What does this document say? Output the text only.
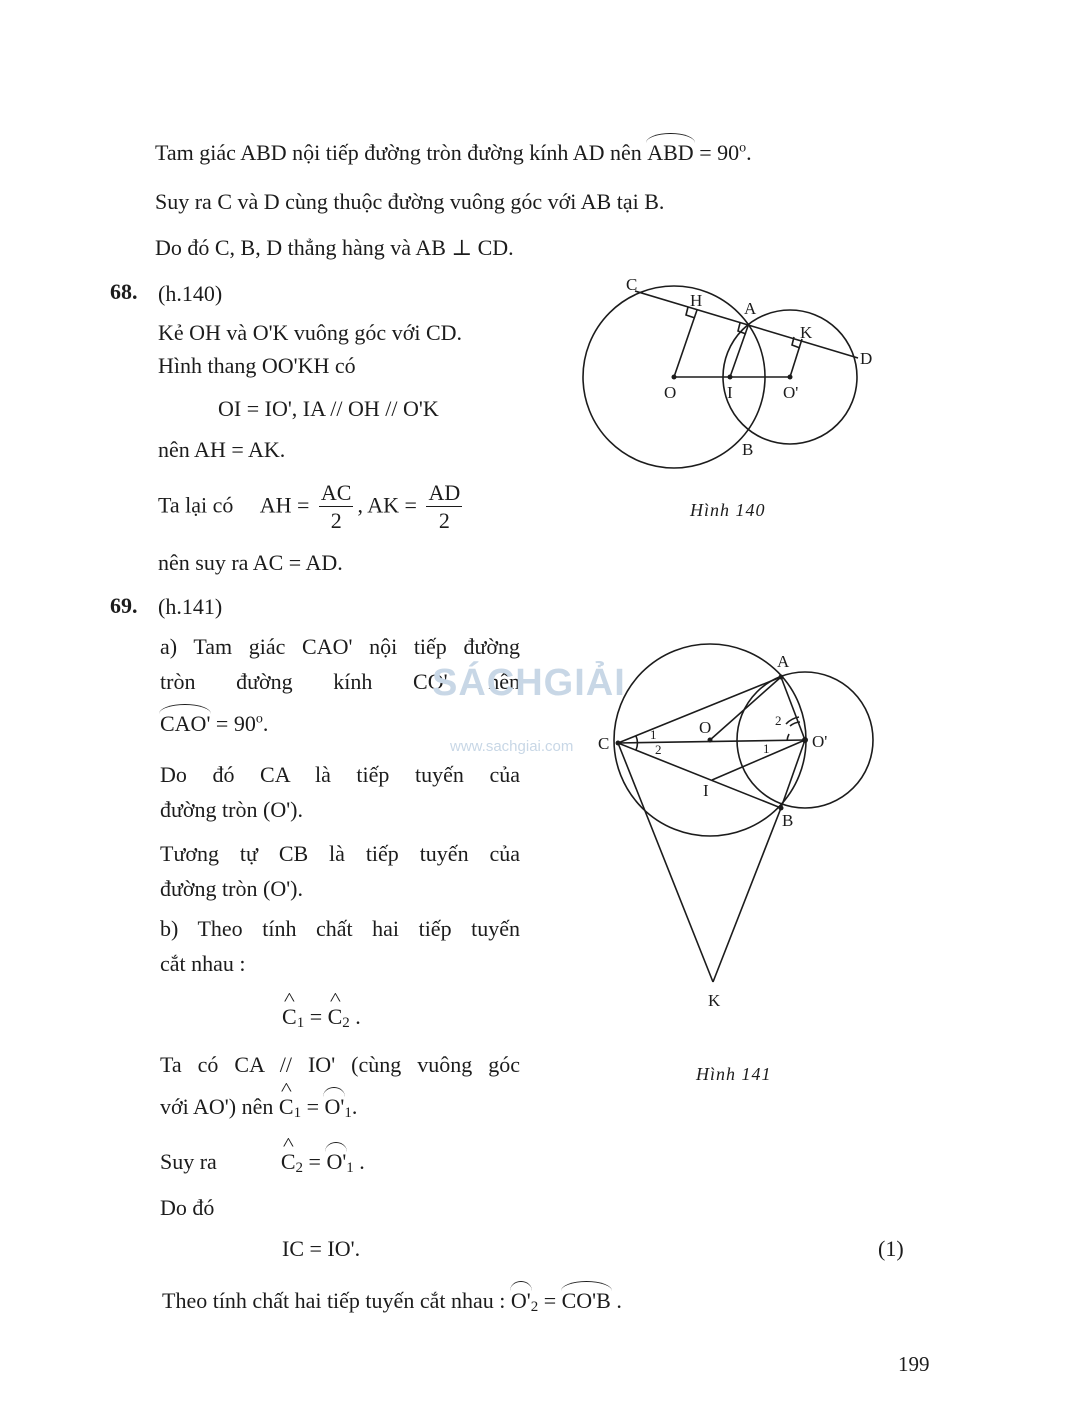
Tam giác ABD nội tiếp đường tròn đường kính AD nên ABD = $90^o$.
Suy ra C và D cùng thuộc đường vuông góc với AB tại B.
Do đó C, B, D thẳng hàng và AB ⊥ CD.
68. (h.140)
Kẻ OH và O'K vuông góc với CD.
Hình thang OO'KH có
OI = IO', IA // OH // O'K
nên AH = AK.
Ta lại có AH = $\frac{AC}{2}$ , AK = $\frac{AD}{2}$
nên suy ra AC = AD.
C
H A
K
D
O	I	O'
B
Hình 140
69. (h.141)
a) Tam giác CAO' nội tiếp đường
tròn đường kính CO' nên
$CAO' = 90^o$.
Do đó CA là tiếp tuyến của
đường tròn (O').
Tương tự CB là tiếp tuyến của
đường tròn (O').
b) Theo tính chất hai tiếp tuyến
cắt nhau :
^ $C_1$ = ^ $C_2$ .
Ta có CA // IO' (cùng vuông góc
với AO') nên ^ $C_1 = O'_1$.
Suy ra^	$C_2 = O'_1$ .
Do đó
IC = IO'.	(1)
Theo tính chất hai tiếp tuyến cắt nhau : $O'_2 = CO'B$ .
SÁCHGIẢI
www.sachgiai.com
A
O
C	O'
I
B
K
1
2	1
2
Hình 141
199
